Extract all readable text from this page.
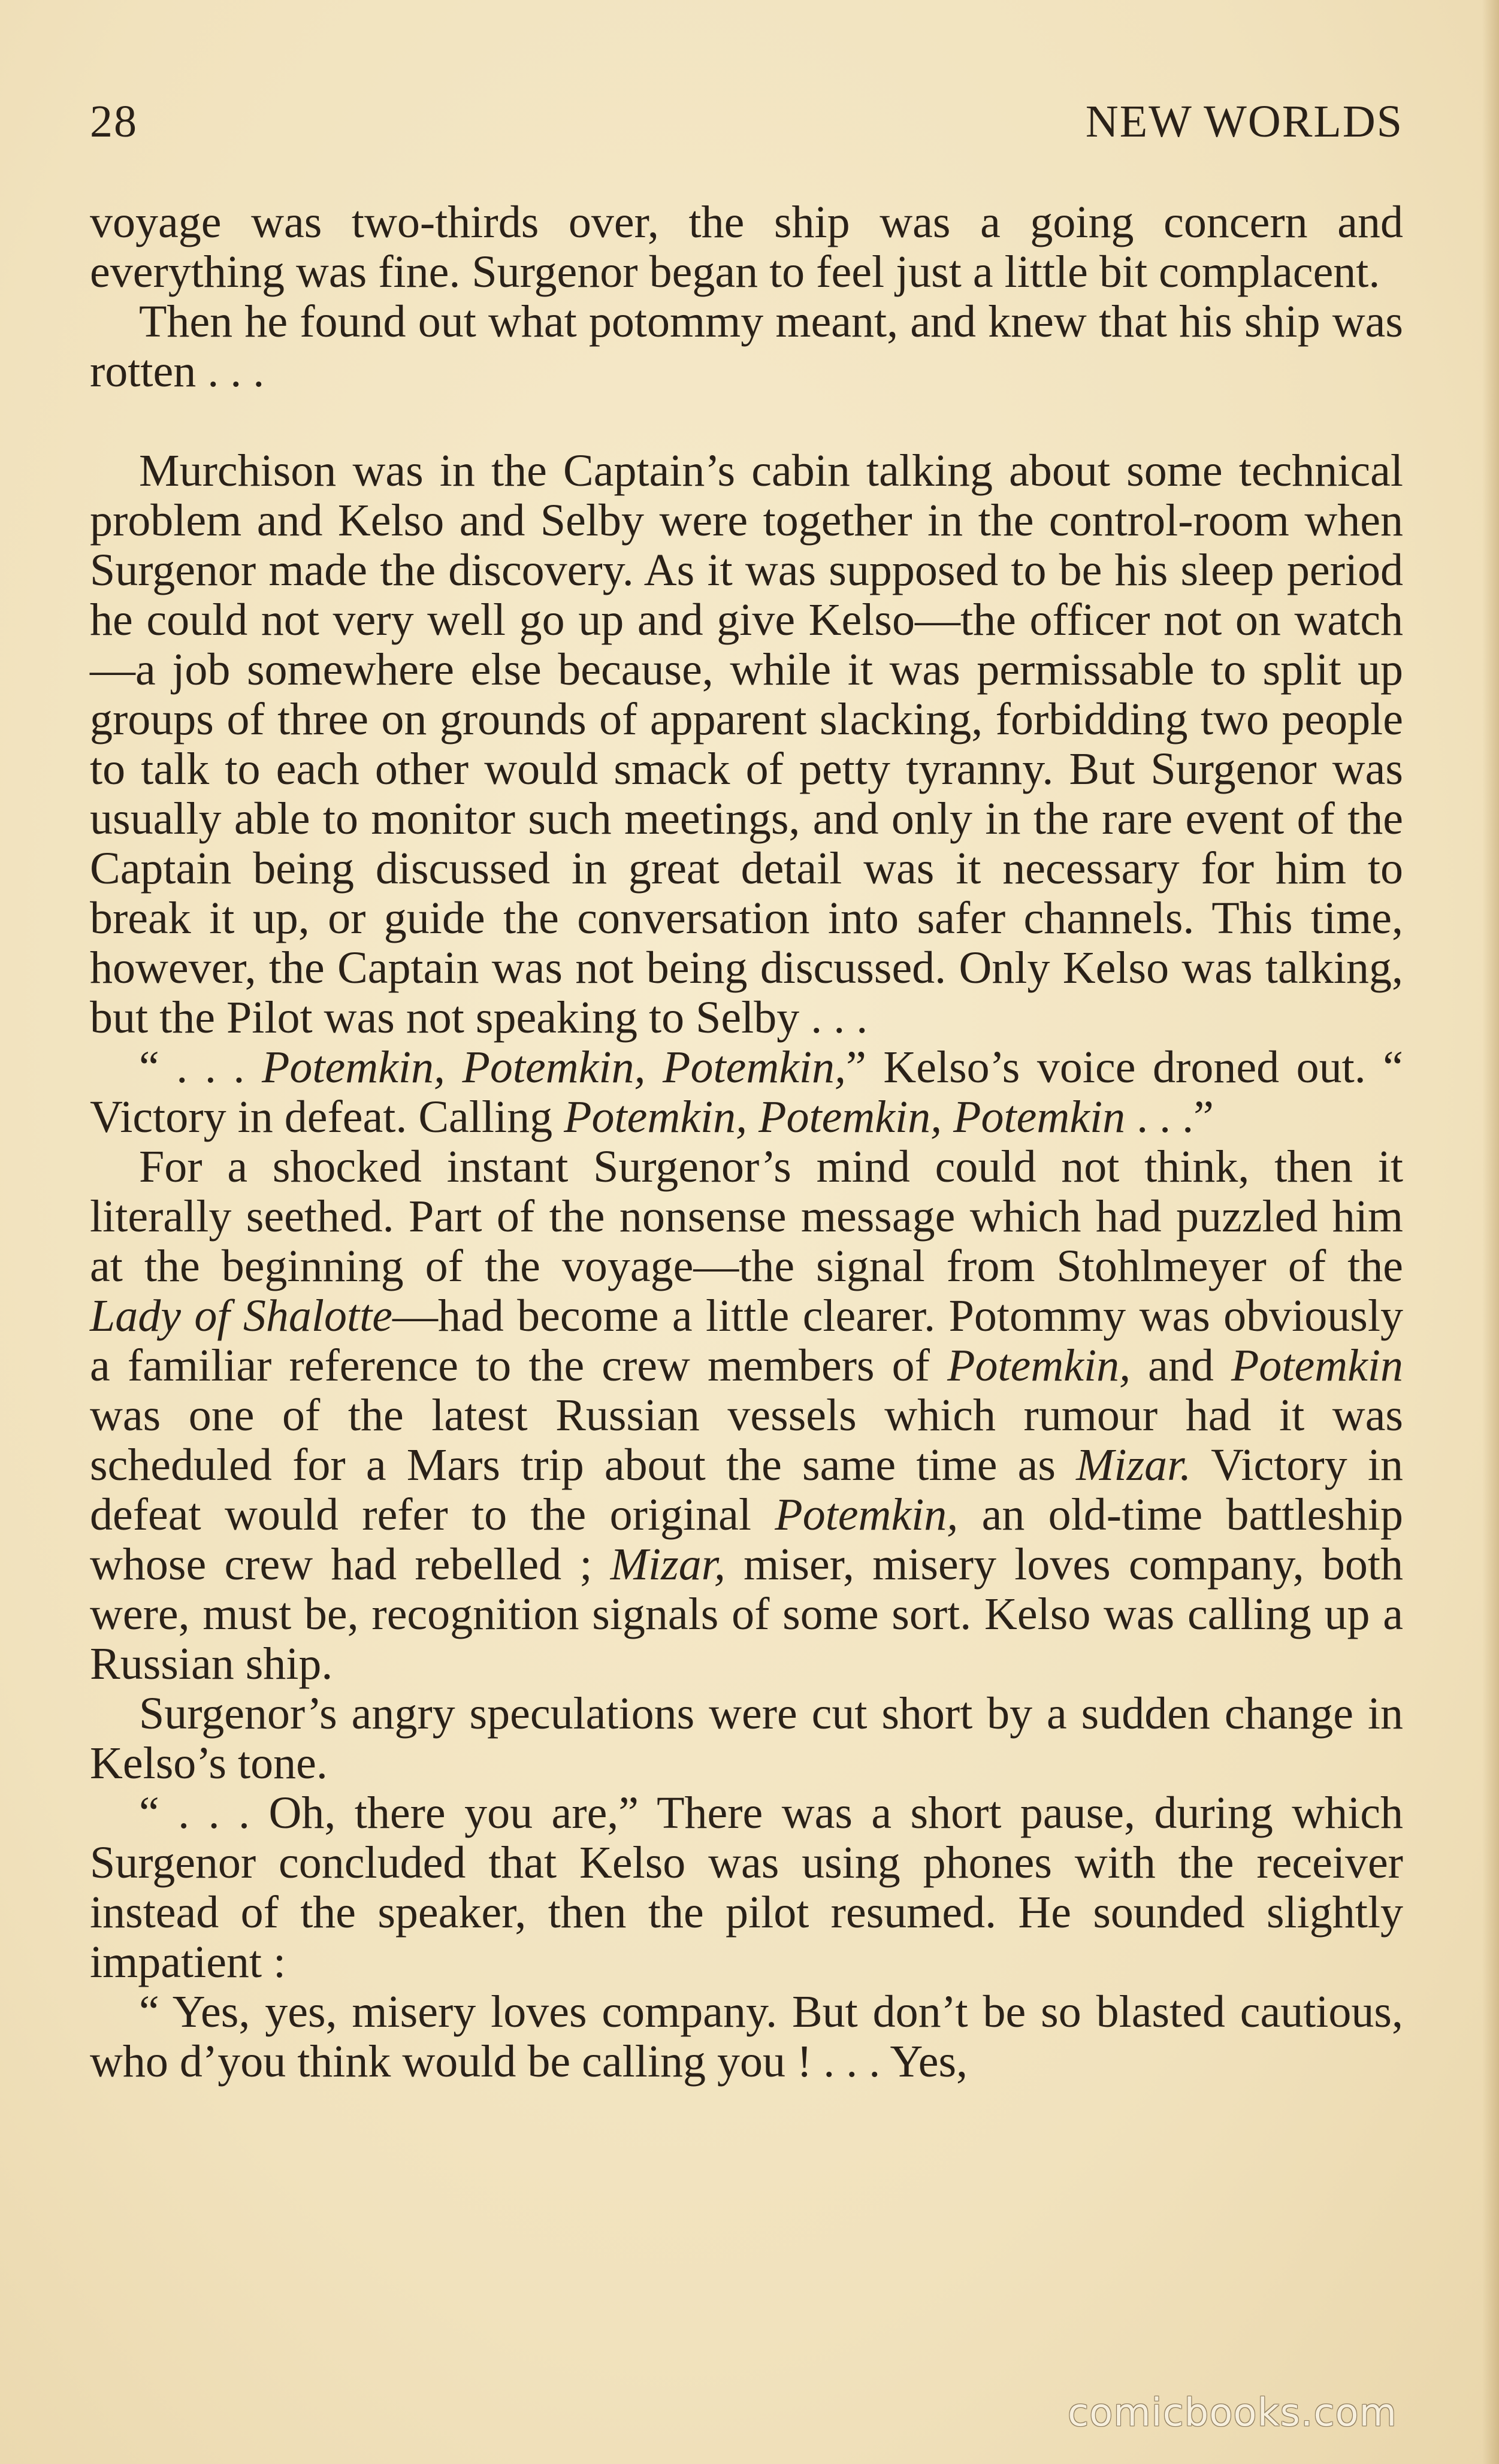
28	NEW WORLDS

voyage was two-thirds over, the ship was a going concern and everything was fine. Surgenor began to feel just a little bit complacent.

Then he found out what potommy meant, and knew that his ship was rotten . . .

Murchison was in the Captain’s cabin talking about some technical problem and Kelso and Selby were together in the control-room when Surgenor made the discovery. As it was supposed to be his sleep period he could not very well go up and give Kelso—the officer not on watch—a job somewhere else because, while it was permissable to split up groups of three on grounds of apparent slacking, forbidding two people to talk to each other would smack of petty tyranny. But Surgenor was usually able to monitor such meetings, and only in the rare event of the Captain being discussed in great detail was it necessary for him to break it up, or guide the conversation into safer channels. This time, however, the Captain was not being discussed. Only Kelso was talking, but the Pilot was not speaking to Selby . . .

“ . . . Potemkin, Potemkin, Potemkin,” Kelso’s voice droned out. “ Victory in defeat. Calling Potemkin, Potemkin, Potemkin . . .”

For a shocked instant Surgenor’s mind could not think, then it literally seethed. Part of the nonsense message which had puzzled him at the beginning of the voyage—the signal from Stohlmeyer of the Lady of Shalotte—had become a little clearer. Potommy was obviously a familiar reference to the crew members of Potemkin, and Potemkin was one of the latest Russian vessels which rumour had it was scheduled for a Mars trip about the same time as Mizar. Victory in defeat would refer to the original Potemkin, an old-time battleship whose crew had rebelled ; Mizar, miser, misery loves company, both were, must be, recognition signals of some sort. Kelso was calling up a Russian ship.

Surgenor’s angry speculations were cut short by a sudden change in Kelso’s tone.

“ . . . Oh, there you are,” There was a short pause, during which Surgenor concluded that Kelso was using phones with the receiver instead of the speaker, then the pilot resumed. He sounded slightly impatient :

“ Yes, yes, misery loves company. But don’t be so blasted cautious, who d’you think would be calling you ! . . . Yes,

comicbooks.com
